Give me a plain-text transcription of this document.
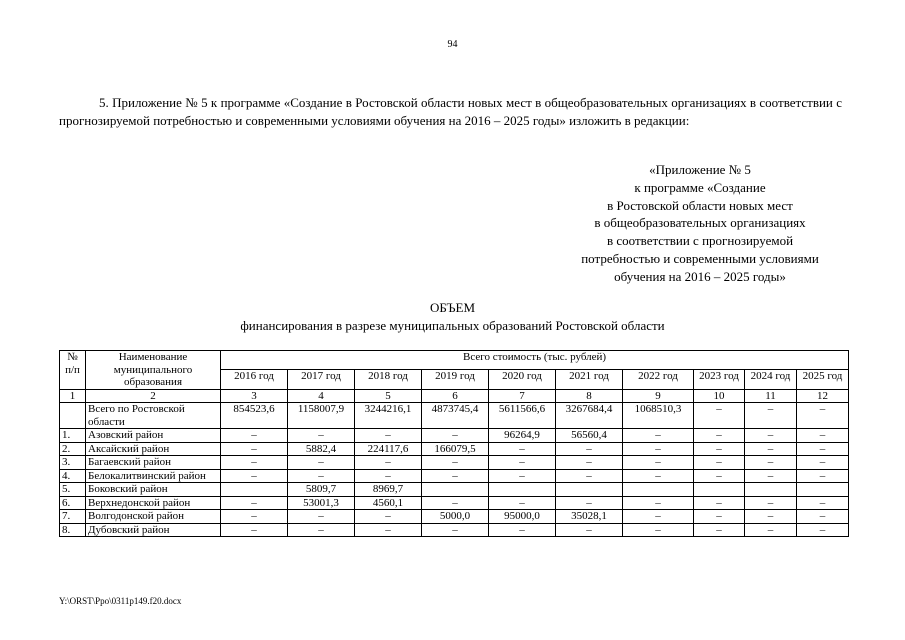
94
5. Приложение № 5 к программе «Создание в Ростовской области новых мест в общеобразовательных организациях в соответствии с прогнозируемой потребностью и современными условиями обучения на 2016 – 2025 годы» изложить в редакции:
«Приложение № 5
к программе «Создание
в Ростовской области новых мест
в общеобразовательных организациях
в соответствии с прогнозируемой
потребностью и современными условиями
обучения на 2016 – 2025 годы»
ОБЪЕМ
финансирования в разрезе муниципальных образований Ростовской области
№ п/п	Наименование муниципального образования	Всего стоимость (тыс. рублей)									
		2016 год	2017 год	2018 год	2019 год	2020 год	2021 год	2022 год	2023 год	2024 год	2025 год
1	2	3	4	5	6	7	8	9	10	11	12
	Всего по Ростовской области	854523,6	1158007,9	3244216,1	4873745,4	5611566,6	3267684,4	1068510,3	–	–	–
1.	Азовский район	–	–	–	–	96264,9	56560,4	–	–	–	–
2.	Аксайский район	–	5882,4	224117,6	166079,5	–	–	–	–	–	–
3.	Багаевский район	–	–	–	–	–	–	–	–	–	–
4.	Белокалитвинский район	–	–	–	–	–	–	–	–	–	–
5.	Боковский район		5809,7	8969,7							
6.	Верхнедонской район	–	53001,3	4560,1	–	–	–	–	–	–	–
7.	Волгодонской район	–	–	–	5000,0	95000,0	35028,1	–	–	–	–
8.	Дубовский район	–	–	–	–	–	–	–	–	–	–
Y:\ORST\Ppo\0311p149.f20.docx
